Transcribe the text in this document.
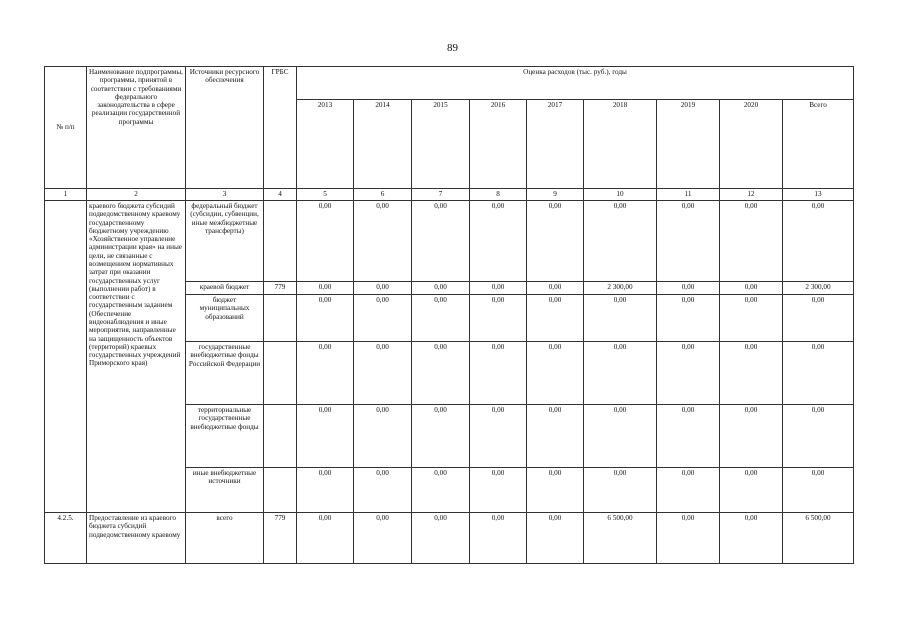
89
№ п/п	Наименование подпрограммы, программы, принятой в соответствии с требованиями федерального законодательства в сфере реализации государственной программы	Источники ресурсного обеспечения	ГРБС	Оценка расходов (тыс. руб.), годы								
				2013	2014	2015	2016	2017	2018	2019	2020	Всего
1	2	3	4	5	6	7	8	9	10	11	12	13
	краевого бюджета субсидий подведомственному краевому государственному бюджетному учреждению «Хозяйственное управление администрации края» на иные цели, не связанные с возмещением нормативных затрат при оказании государственных услуг (выполнении работ) в соответствии с государственным заданием (Обеспечение видеонаблюдения и иные мероприятия, направленные на защищенность объектов (территорий) краевых государственных учреждений Приморского края)	федеральный бюджет (субсидии, субвенции, иные межбюджетные трансферты)		0,00	0,00	0,00	0,00	0,00	0,00	0,00	0,00	0,00
		краевой бюджет	779	0,00	0,00	0,00	0,00	0,00	2 300,00	0,00	0,00	2 300,00
		бюджет муниципальных образований		0,00	0,00	0,00	0,00	0,00	0,00	0,00	0,00	0,00
		государственные внебюджетные фонды Российской Федерации		0,00	0,00	0,00	0,00	0,00	0,00	0,00	0,00	0,00
		территориальные государственные внебюджетные фонды		0,00	0,00	0,00	0,00	0,00	0,00	0,00	0,00	0,00
		иные внебюджетные источники		0,00	0,00	0,00	0,00	0,00	0,00	0,00	0,00	0,00
4.2.5.	Предоставление из краевого бюджета субсидий подведомственному краевому	всего	779	0,00	0,00	0,00	0,00	0,00	6 500,00	0,00	0,00	6 500,00
